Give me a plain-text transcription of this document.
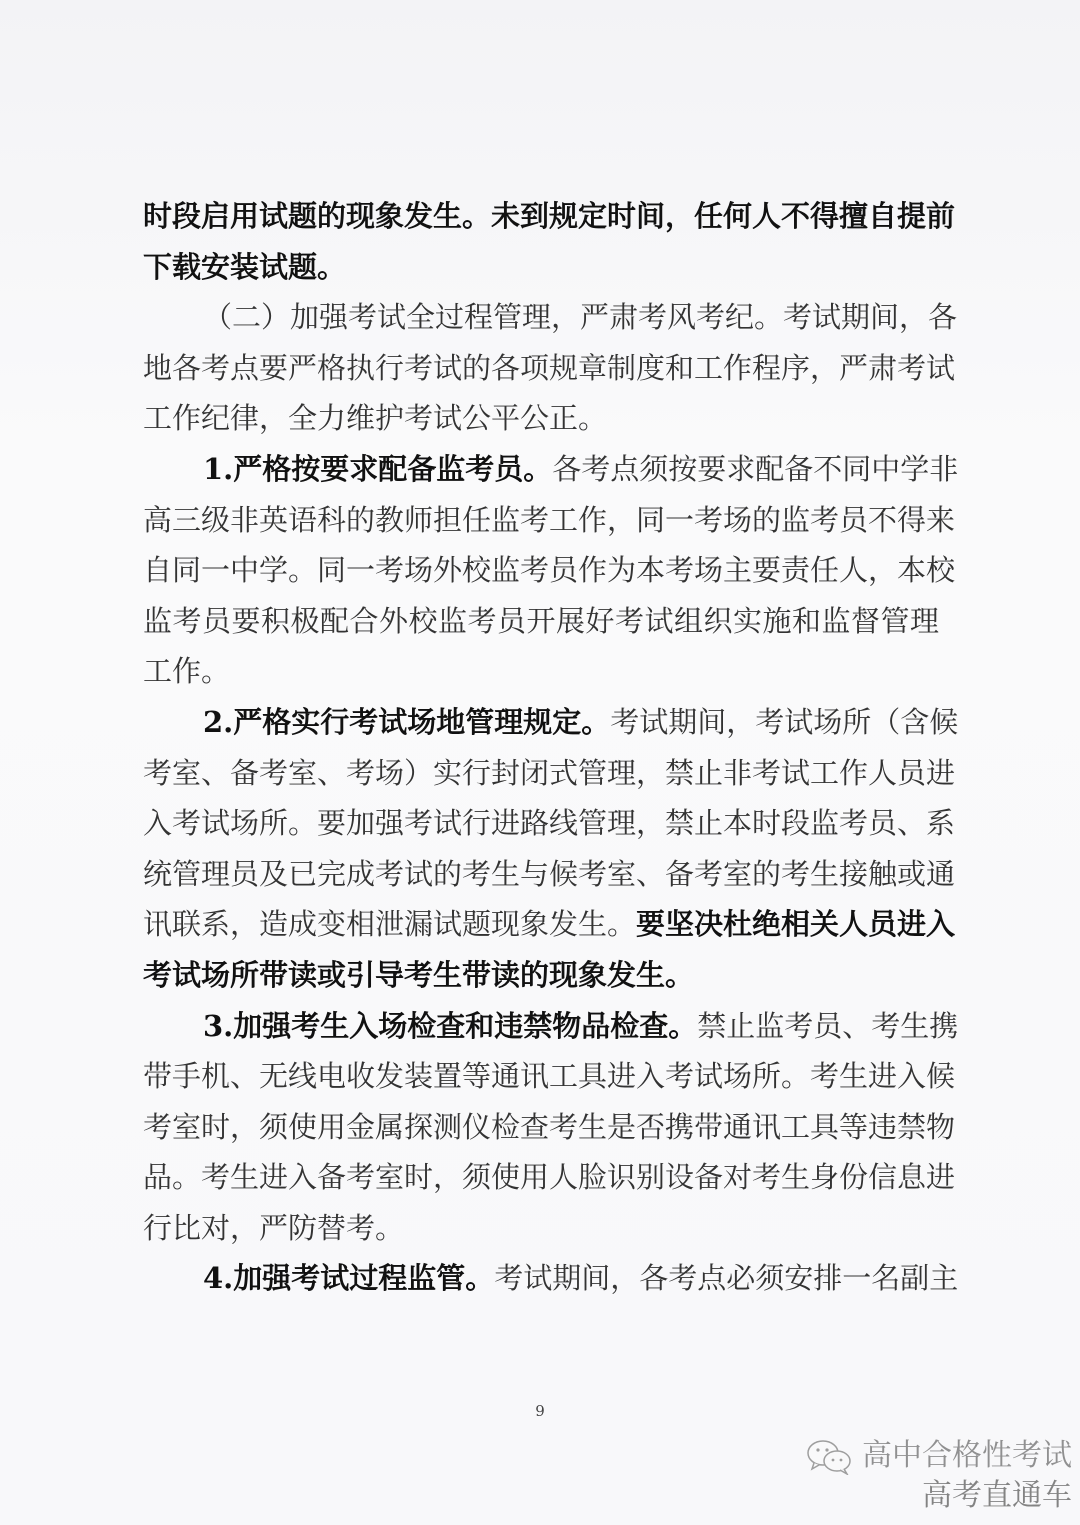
时段启用试题的现象发生。未到规定时间，任何人不得擅自提前
下载安装试题。
（二）加强考试全过程管理，严肃考风考纪。考试期间，各
地各考点要严格执行考试的各项规章制度和工作程序，严肃考试
工作纪律，全力维护考试公平公正。
1.严格按要求配备监考员。各考点须按要求配备不同中学非
高三级非英语科的教师担任监考工作，同一考场的监考员不得来
自同一中学。同一考场外校监考员作为本考场主要责任人，本校
监考员要积极配合外校监考员开展好考试组织实施和监督管理
工作。
2.严格实行考试场地管理规定。考试期间，考试场所（含候
考室、备考室、考场）实行封闭式管理，禁止非考试工作人员进
入考试场所。要加强考试行进路线管理，禁止本时段监考员、系
统管理员及已完成考试的考生与候考室、备考室的考生接触或通
讯联系，造成变相泄漏试题现象发生。要坚决杜绝相关人员进入
考试场所带读或引导考生带读的现象发生。
3.加强考生入场检查和违禁物品检查。禁止监考员、考生携
带手机、无线电收发装置等通讯工具进入考试场所。考生进入候
考室时，须使用金属探测仪检查考生是否携带通讯工具等违禁物
品。考生进入备考室时，须使用人脸识别设备对考生身份信息进
行比对，严防替考。
4.加强考试过程监管。考试期间，各考点必须安排一名副主
9
高中合格性考试
高考直通车
